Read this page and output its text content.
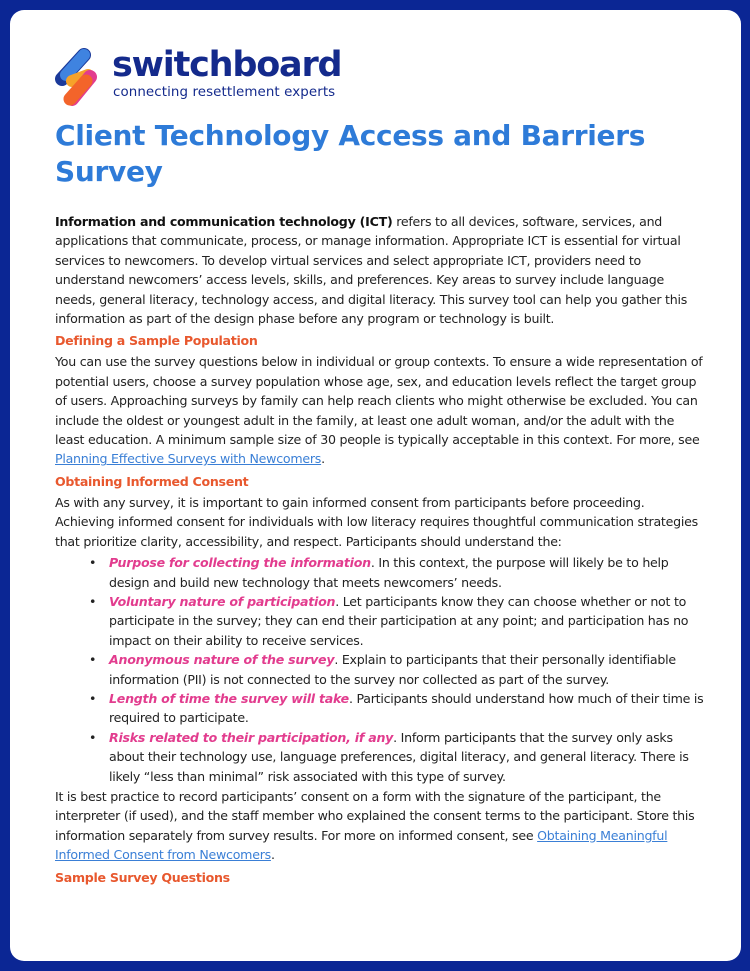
switchboard
connecting resettlement experts
Client Technology Access and Barriers Survey

Information and communication technology (ICT) refers to all devices, software, services, and applications that communicate, process, or manage information. Appropriate ICT is essential for virtual services to newcomers. To develop virtual services and select appropriate ICT, providers need to understand newcomers’ access levels, skills, and preferences. Key areas to survey include language needs, general literacy, technology access, and digital literacy. This survey tool can help you gather this information as part of the design phase before any program or technology is built.

Defining a Sample Population

You can use the survey questions below in individual or group contexts. To ensure a wide representation of potential users, choose a survey population whose age, sex, and education levels reflect the target group of users. Approaching surveys by family can help reach clients who might otherwise be excluded. You can include the oldest or youngest adult in the family, at least one adult woman, and/or the adult with the least education. A minimum sample size of 30 people is typically acceptable in this context. For more, see Planning Effective Surveys with Newcomers.

Obtaining Informed Consent

As with any survey, it is important to gain informed consent from participants before proceeding. Achieving informed consent for individuals with low literacy requires thoughtful communication strategies that prioritize clarity, accessibility, and respect. Participants should understand the:

• Purpose for collecting the information. In this context, the purpose will likely be to help design and build new technology that meets newcomers’ needs.
• Voluntary nature of participation. Let participants know they can choose whether or not to participate in the survey; they can end their participation at any point; and participation has no impact on their ability to receive services.
• Anonymous nature of the survey. Explain to participants that their personally identifiable information (PII) is not connected to the survey nor collected as part of the survey.
• Length of time the survey will take. Participants should understand how much of their time is required to participate.
• Risks related to their participation, if any. Inform participants that the survey only asks about their technology use, language preferences, digital literacy, and general literacy. There is likely “less than minimal” risk associated with this type of survey.

It is best practice to record participants’ consent on a form with the signature of the participant, the interpreter (if used), and the staff member who explained the consent terms to the participant. Store this information separately from survey results. For more on informed consent, see Obtaining Meaningful Informed Consent from Newcomers.

Sample Survey Questions
